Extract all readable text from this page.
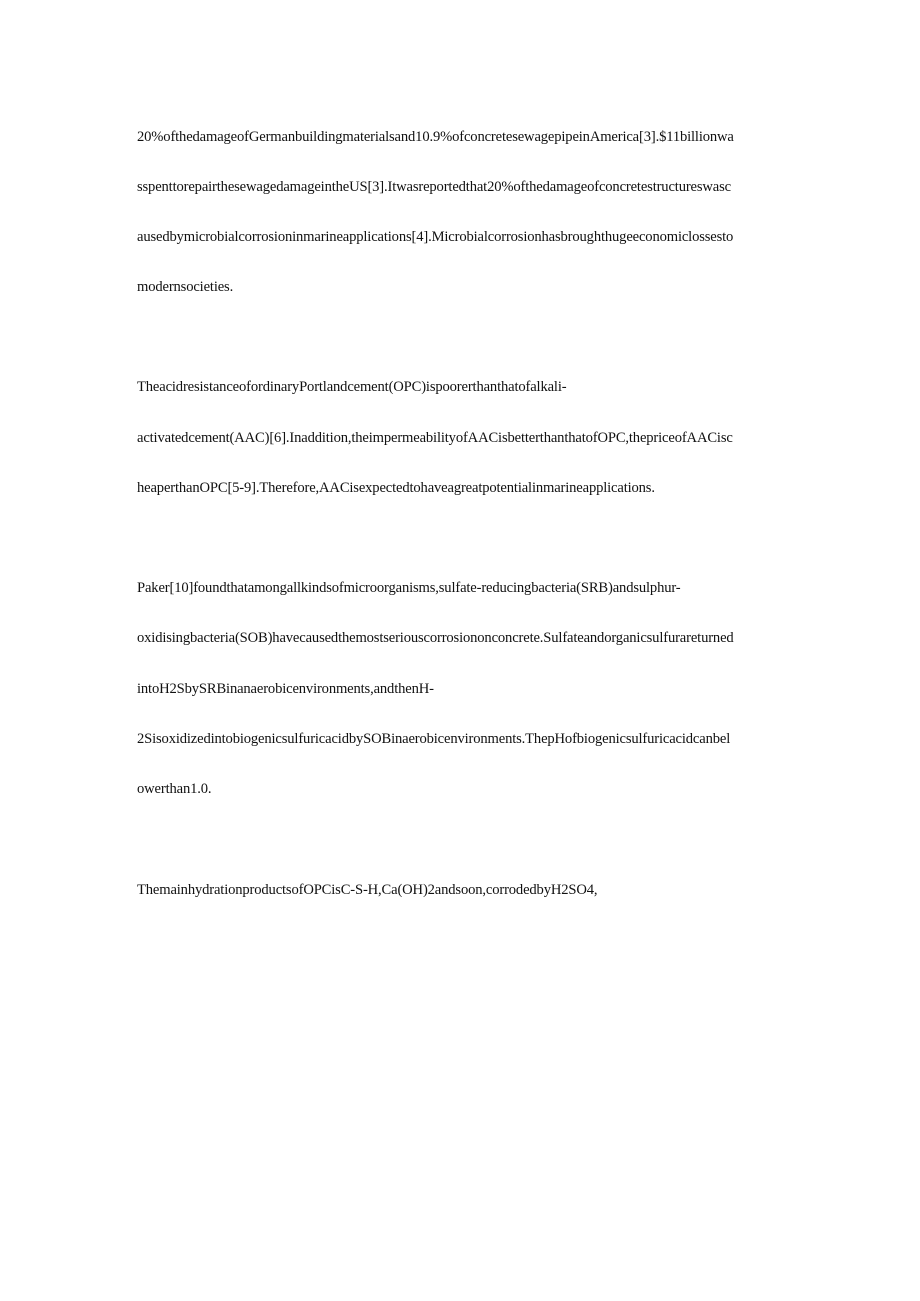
20%ofthedamageofGermanbuildingmaterialsand10.9%ofconcretesewagepipeinAmerica[3].$11billionwa

sspenttorepairthesewagedamageintheUS[3].Itwasreportedthat20%ofthedamageofconcretestructureswasc

ausedbymicrobialcorrosioninmarineapplications[4].Microbialcorrosionhasbroughthugeeconomiclossesto

modernsocieties.

TheacidresistanceofordinaryPortlandcement(OPC)ispoorerthanthatofalkali-

activatedcement(AAC)[6].Inaddition,theimpermeabilityofAACisbetterthanthatofOPC,thepriceofAACisc

heaperthanOPC[5-9].Therefore,AACisexpectedtohaveagreatpotentialinmarineapplications.

Paker[10]foundthatamongallkindsofmicroorganisms,sulfate-reducingbacteria(SRB)andsulphur-

oxidisingbacteria(SOB)havecausedthemostseriouscorrosiononconcrete.Sulfateandorganicsulfurareturned

intoH2SbySRBinanaerobicenvironments,andthenH-

2SisoxidizedintobiogenicsulfuricacidbySOBinaerobicenvironments.ThepHofbiogenicsulfuricacidcanbel

owerthan1.0.

ThemainhydrationproductsofOPCisC-S-H,Ca(OH)2andsoon,corrodedbyH2SO4,
